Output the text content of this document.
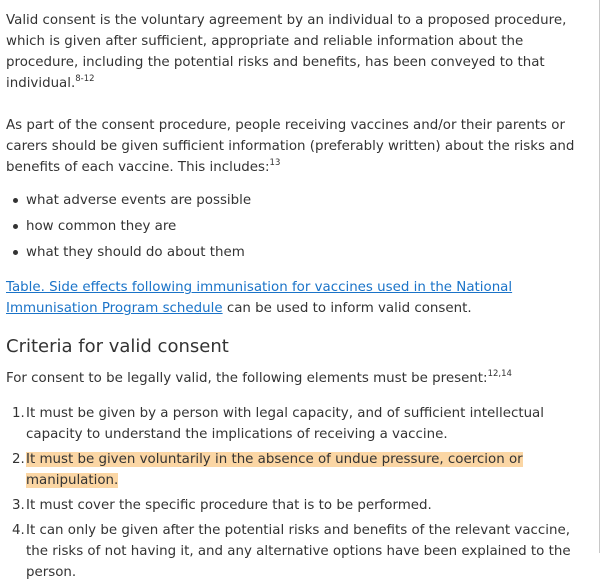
Valid consent is the voluntary agreement by an individual to a proposed procedure, which is given after sufficient, appropriate and reliable information about the procedure, including the potential risks and benefits, has been conveyed to that individual.$^{8-12}$

As part of the consent procedure, people receiving vaccines and/or their parents or carers should be given sufficient information (preferably written) about the risks and benefits of each vaccine. This includes:$^{13}$

what adverse events are possible
how common they are
what they should do about them

Table. Side effects following immunisation for vaccines used in the National Immunisation Program schedule can be used to inform valid consent.

Criteria for valid consent

For consent to be legally valid, the following elements must be present:$^{12,14}$

1. It must be given by a person with legal capacity, and of sufficient intellectual capacity to understand the implications of receiving a vaccine.
2. It must be given voluntarily in the absence of undue pressure, coercion or manipulation.
3. It must cover the specific procedure that is to be performed.
4. It can only be given after the potential risks and benefits of the relevant vaccine, the risks of not having it, and any alternative options have been explained to the person.
